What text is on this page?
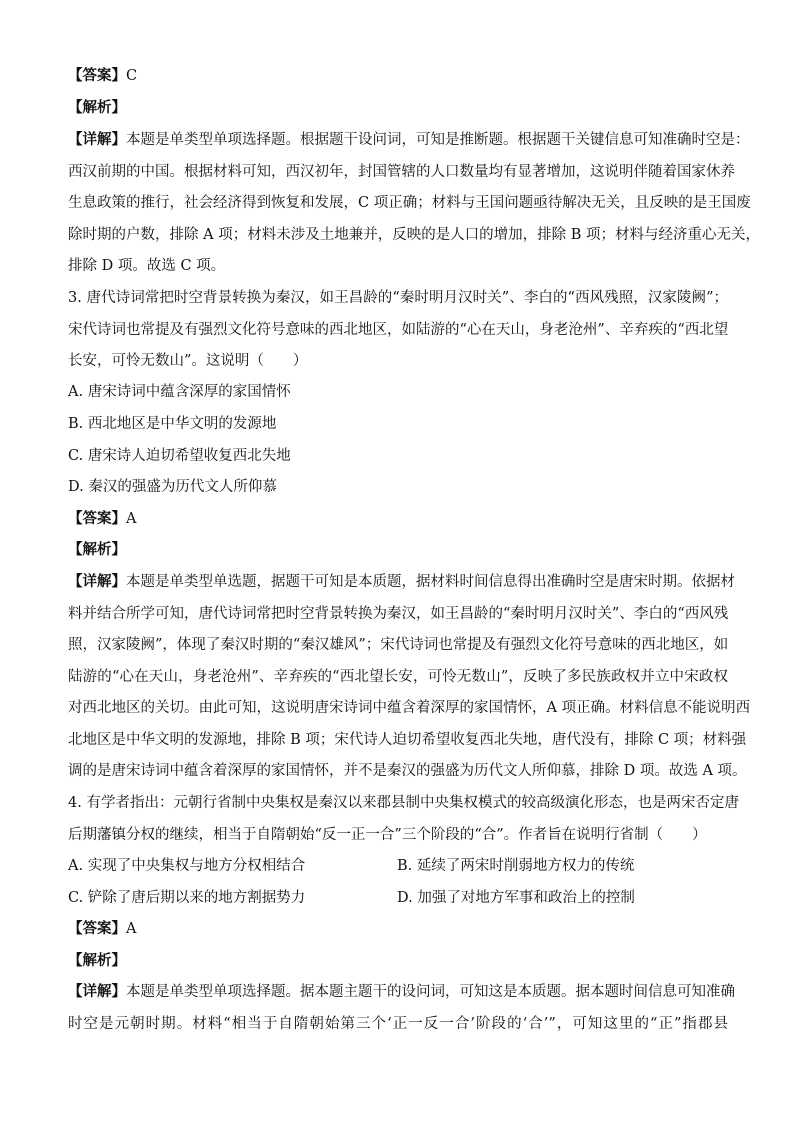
【答案】C
【解析】
【详解】本题是单类型单项选择题。根据题干设问词，可知是推断题。根据题干关键信息可知准确时空是：
西汉前期的中国。根据材料可知，西汉初年，封国管辖的人口数量均有显著增加，这说明伴随着国家休养
生息政策的推行，社会经济得到恢复和发展，C 项正确；材料与王国问题亟待解决无关，且反映的是王国废
除时期的户数，排除 A 项；材料未涉及土地兼并，反映的是人口的增加，排除 B 项；材料与经济重心无关，
排除 D 项。故选 C 项。
3. 唐代诗词常把时空背景转换为秦汉，如王昌龄的“秦时明月汉时关”、李白的“西风残照，汉家陵阙”；
宋代诗词也常提及有强烈文化符号意味的西北地区，如陆游的“心在天山，身老沧州”、辛弃疾的“西北望
长安，可怜无数山”。这说明（　　）
A. 唐宋诗词中蕴含深厚的家国情怀
B. 西北地区是中华文明的发源地
C. 唐宋诗人迫切希望收复西北失地
D. 秦汉的强盛为历代文人所仰慕
【答案】A
【解析】
【详解】本题是单类型单选题，据题干可知是本质题，据材料时间信息得出准确时空是唐宋时期。依据材
料并结合所学可知，唐代诗词常把时空背景转换为秦汉，如王昌龄的“秦时明月汉时关”、李白的“西风残
照，汉家陵阙”，体现了秦汉时期的“秦汉雄风”；宋代诗词也常提及有强烈文化符号意味的西北地区，如
陆游的“心在天山，身老沧州”、辛弃疾的“西北望长安，可怜无数山”，反映了多民族政权并立中宋政权
对西北地区的关切。由此可知，这说明唐宋诗词中蕴含着深厚的家国情怀，A 项正确。材料信息不能说明西
北地区是中华文明的发源地，排除 B 项；宋代诗人迫切希望收复西北失地，唐代没有，排除 C 项；材料强
调的是唐宋诗词中蕴含着深厚的家国情怀，并不是秦汉的强盛为历代文人所仰慕，排除 D 项。故选 A 项。
4. 有学者指出：元朝行省制中央集权是秦汉以来郡县制中央集权模式的较高级演化形态，也是两宋否定唐
后期藩镇分权的继续，相当于自隋朝始“反一正一合”三个阶段的“合”。作者旨在说明行省制（　　）
A. 实现了中央集权与地方分权相结合	B. 延续了两宋时削弱地方权力的传统
C. 铲除了唐后期以来的地方割据势力	D. 加强了对地方军事和政治上的控制
【答案】A
【解析】
【详解】本题是单类型单项选择题。据本题主题干的设问词，可知这是本质题。据本题时间信息可知准确
时空是元朝时期。材料“相当于自隋朝始第三个‘正一反一合’阶段的‘合’”，可知这里的“正”指郡县
